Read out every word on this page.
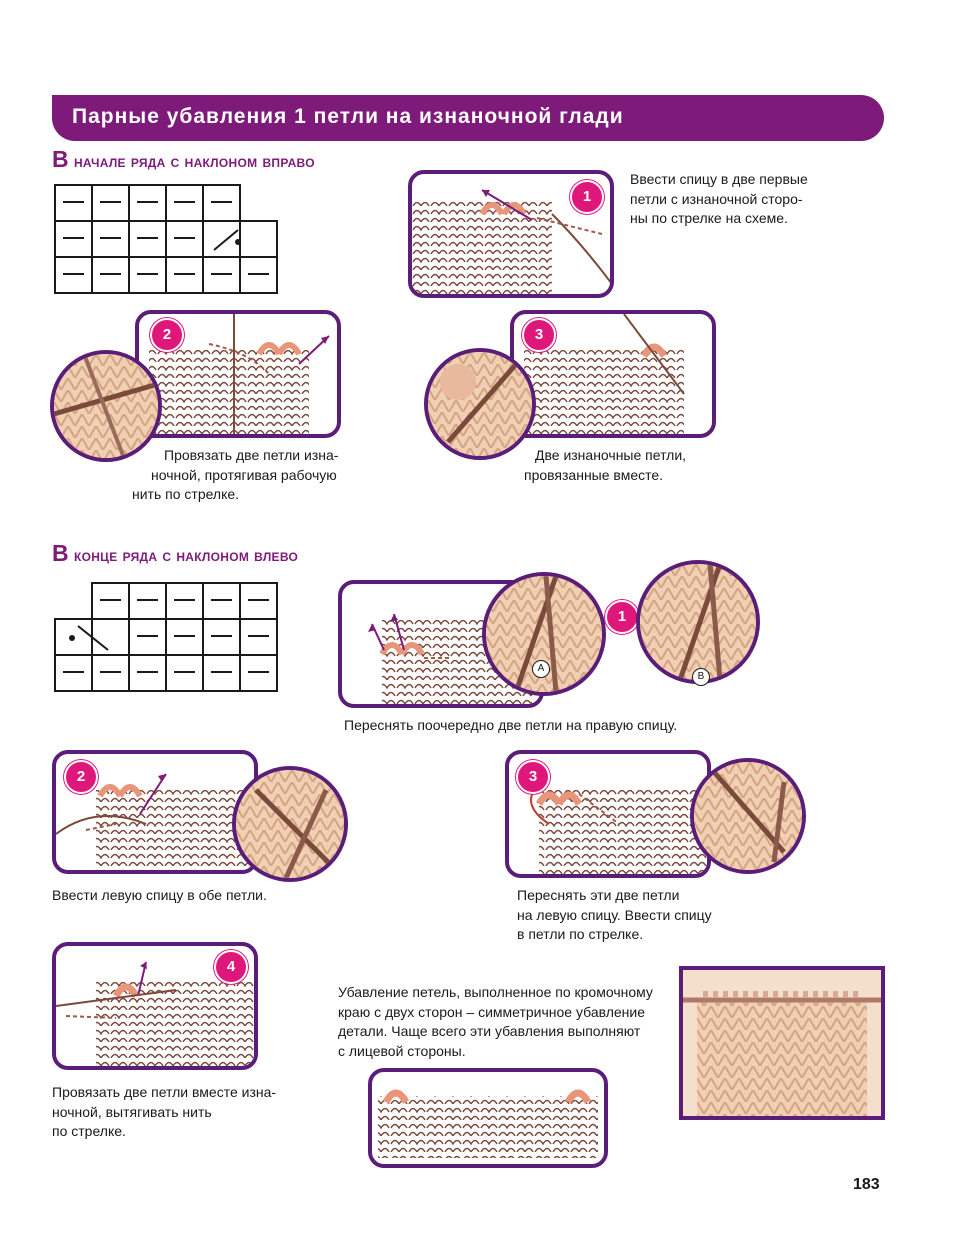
Парные убавления 1 петли на изнаночной глади
В начале ряда с наклоном вправо

1
Ввести спицу в две первые
петли с изнаночной сторо-
ны по стрелке на схеме.
2
Провязать две петли изна-
ночной, протягивая рабочую
нить по стрелке.
3
Две изнаночные петли,
провязанные вместе.
В конце ряда с наклоном влево

A
1
B
Переснять поочередно две петли на правую спицу.
2
Ввести левую спицу в обе петли.
3
Переснять эти две петли
на левую спицу. Ввести спицу
в петли по стрелке.
4
Провязать две петли вместе изна-
ночной, вытягивать нить
по стрелке.
Убавление петель, выполненное по кромочному
краю с двух сторон – симметричное убавление
детали. Чаще всего эти убавления выполняют
с лицевой стороны.
183
